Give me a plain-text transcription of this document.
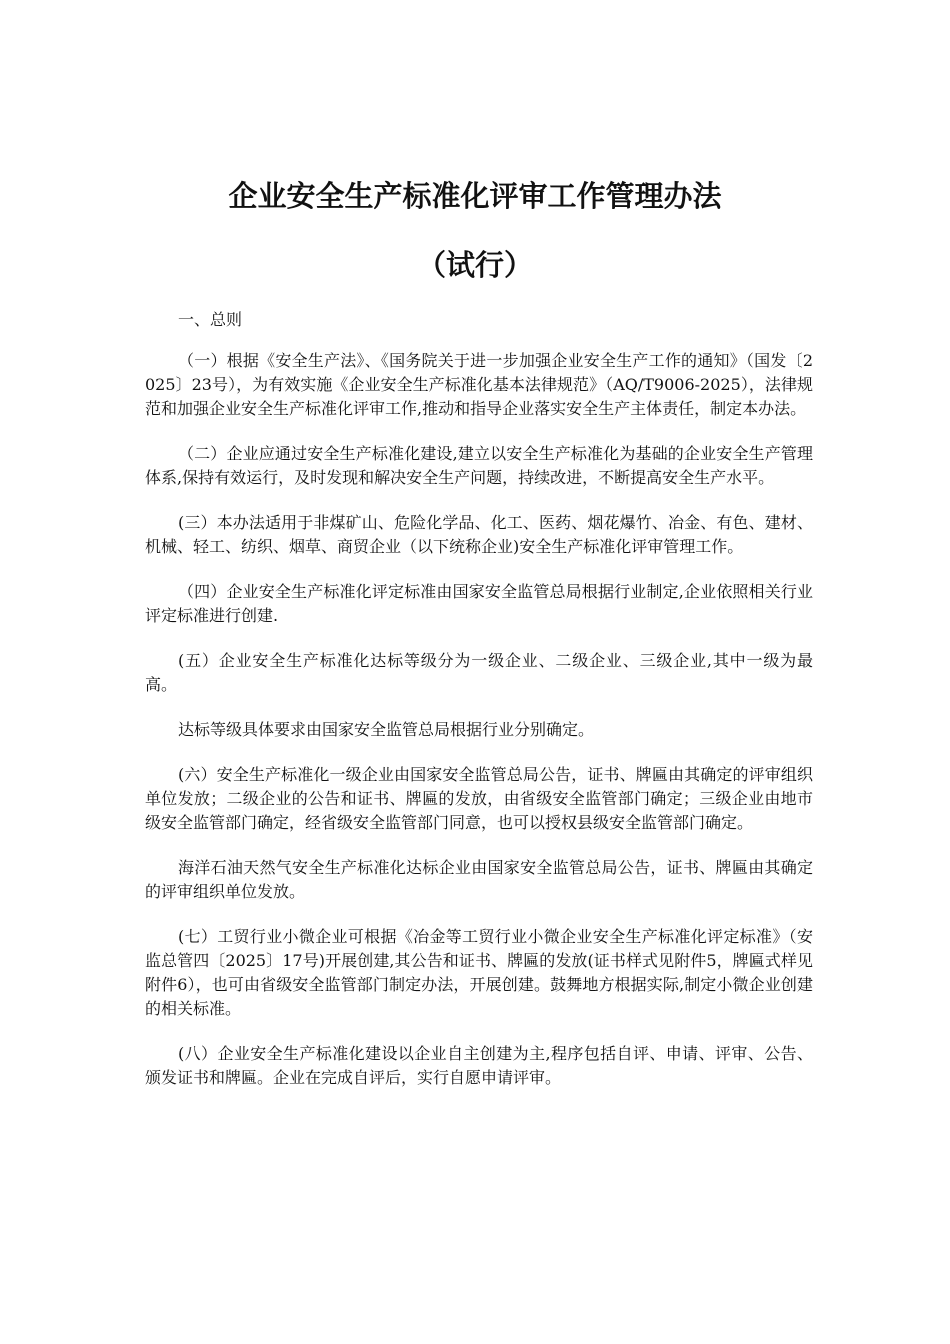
企业安全生产标准化评审工作管理办法
（试行）
一、总则

（一）根据《安全生产法》、《国务院关于进一步加强企业安全生产工作的通知》（国发〔2025〕23号），为有效实施《企业安全生产标准化基本法律规范》（AQ/T9006-2025），法律规范和加强企业安全生产标准化评审工作,推动和指导企业落实安全生产主体责任，制定本办法。

（二）企业应通过安全生产标准化建设,建立以安全生产标准化为基础的企业安全生产管理体系,保持有效运行，及时发现和解决安全生产问题，持续改进，不断提高安全生产水平。

(三）本办法适用于非煤矿山、危险化学品、化工、医药、烟花爆竹、冶金、有色、建材、机械、轻工、纺织、烟草、商贸企业（以下统称企业)安全生产标准化评审管理工作。

（四）企业安全生产标准化评定标准由国家安全监管总局根据行业制定,企业依照相关行业评定标准进行创建.

(五）企业安全生产标准化达标等级分为一级企业、二级企业、三级企业,其中一级为最高。

达标等级具体要求由国家安全监管总局根据行业分别确定。

(六）安全生产标准化一级企业由国家安全监管总局公告，证书、牌匾由其确定的评审组织单位发放；二级企业的公告和证书、牌匾的发放，由省级安全监管部门确定；三级企业由地市级安全监管部门确定，经省级安全监管部门同意，也可以授权县级安全监管部门确定。

海洋石油天然气安全生产标准化达标企业由国家安全监管总局公告，证书、牌匾由其确定的评审组织单位发放。

(七）工贸行业小微企业可根据《冶金等工贸行业小微企业安全生产标准化评定标准》（安监总管四〔2025〕17号)开展创建,其公告和证书、牌匾的发放(证书样式见附件5，牌匾式样见附件6），也可由省级安全监管部门制定办法，开展创建。鼓舞地方根据实际,制定小微企业创建的相关标准。

(八）企业安全生产标准化建设以企业自主创建为主,程序包括自评、申请、评审、公告、颁发证书和牌匾。企业在完成自评后，实行自愿申请评审。
